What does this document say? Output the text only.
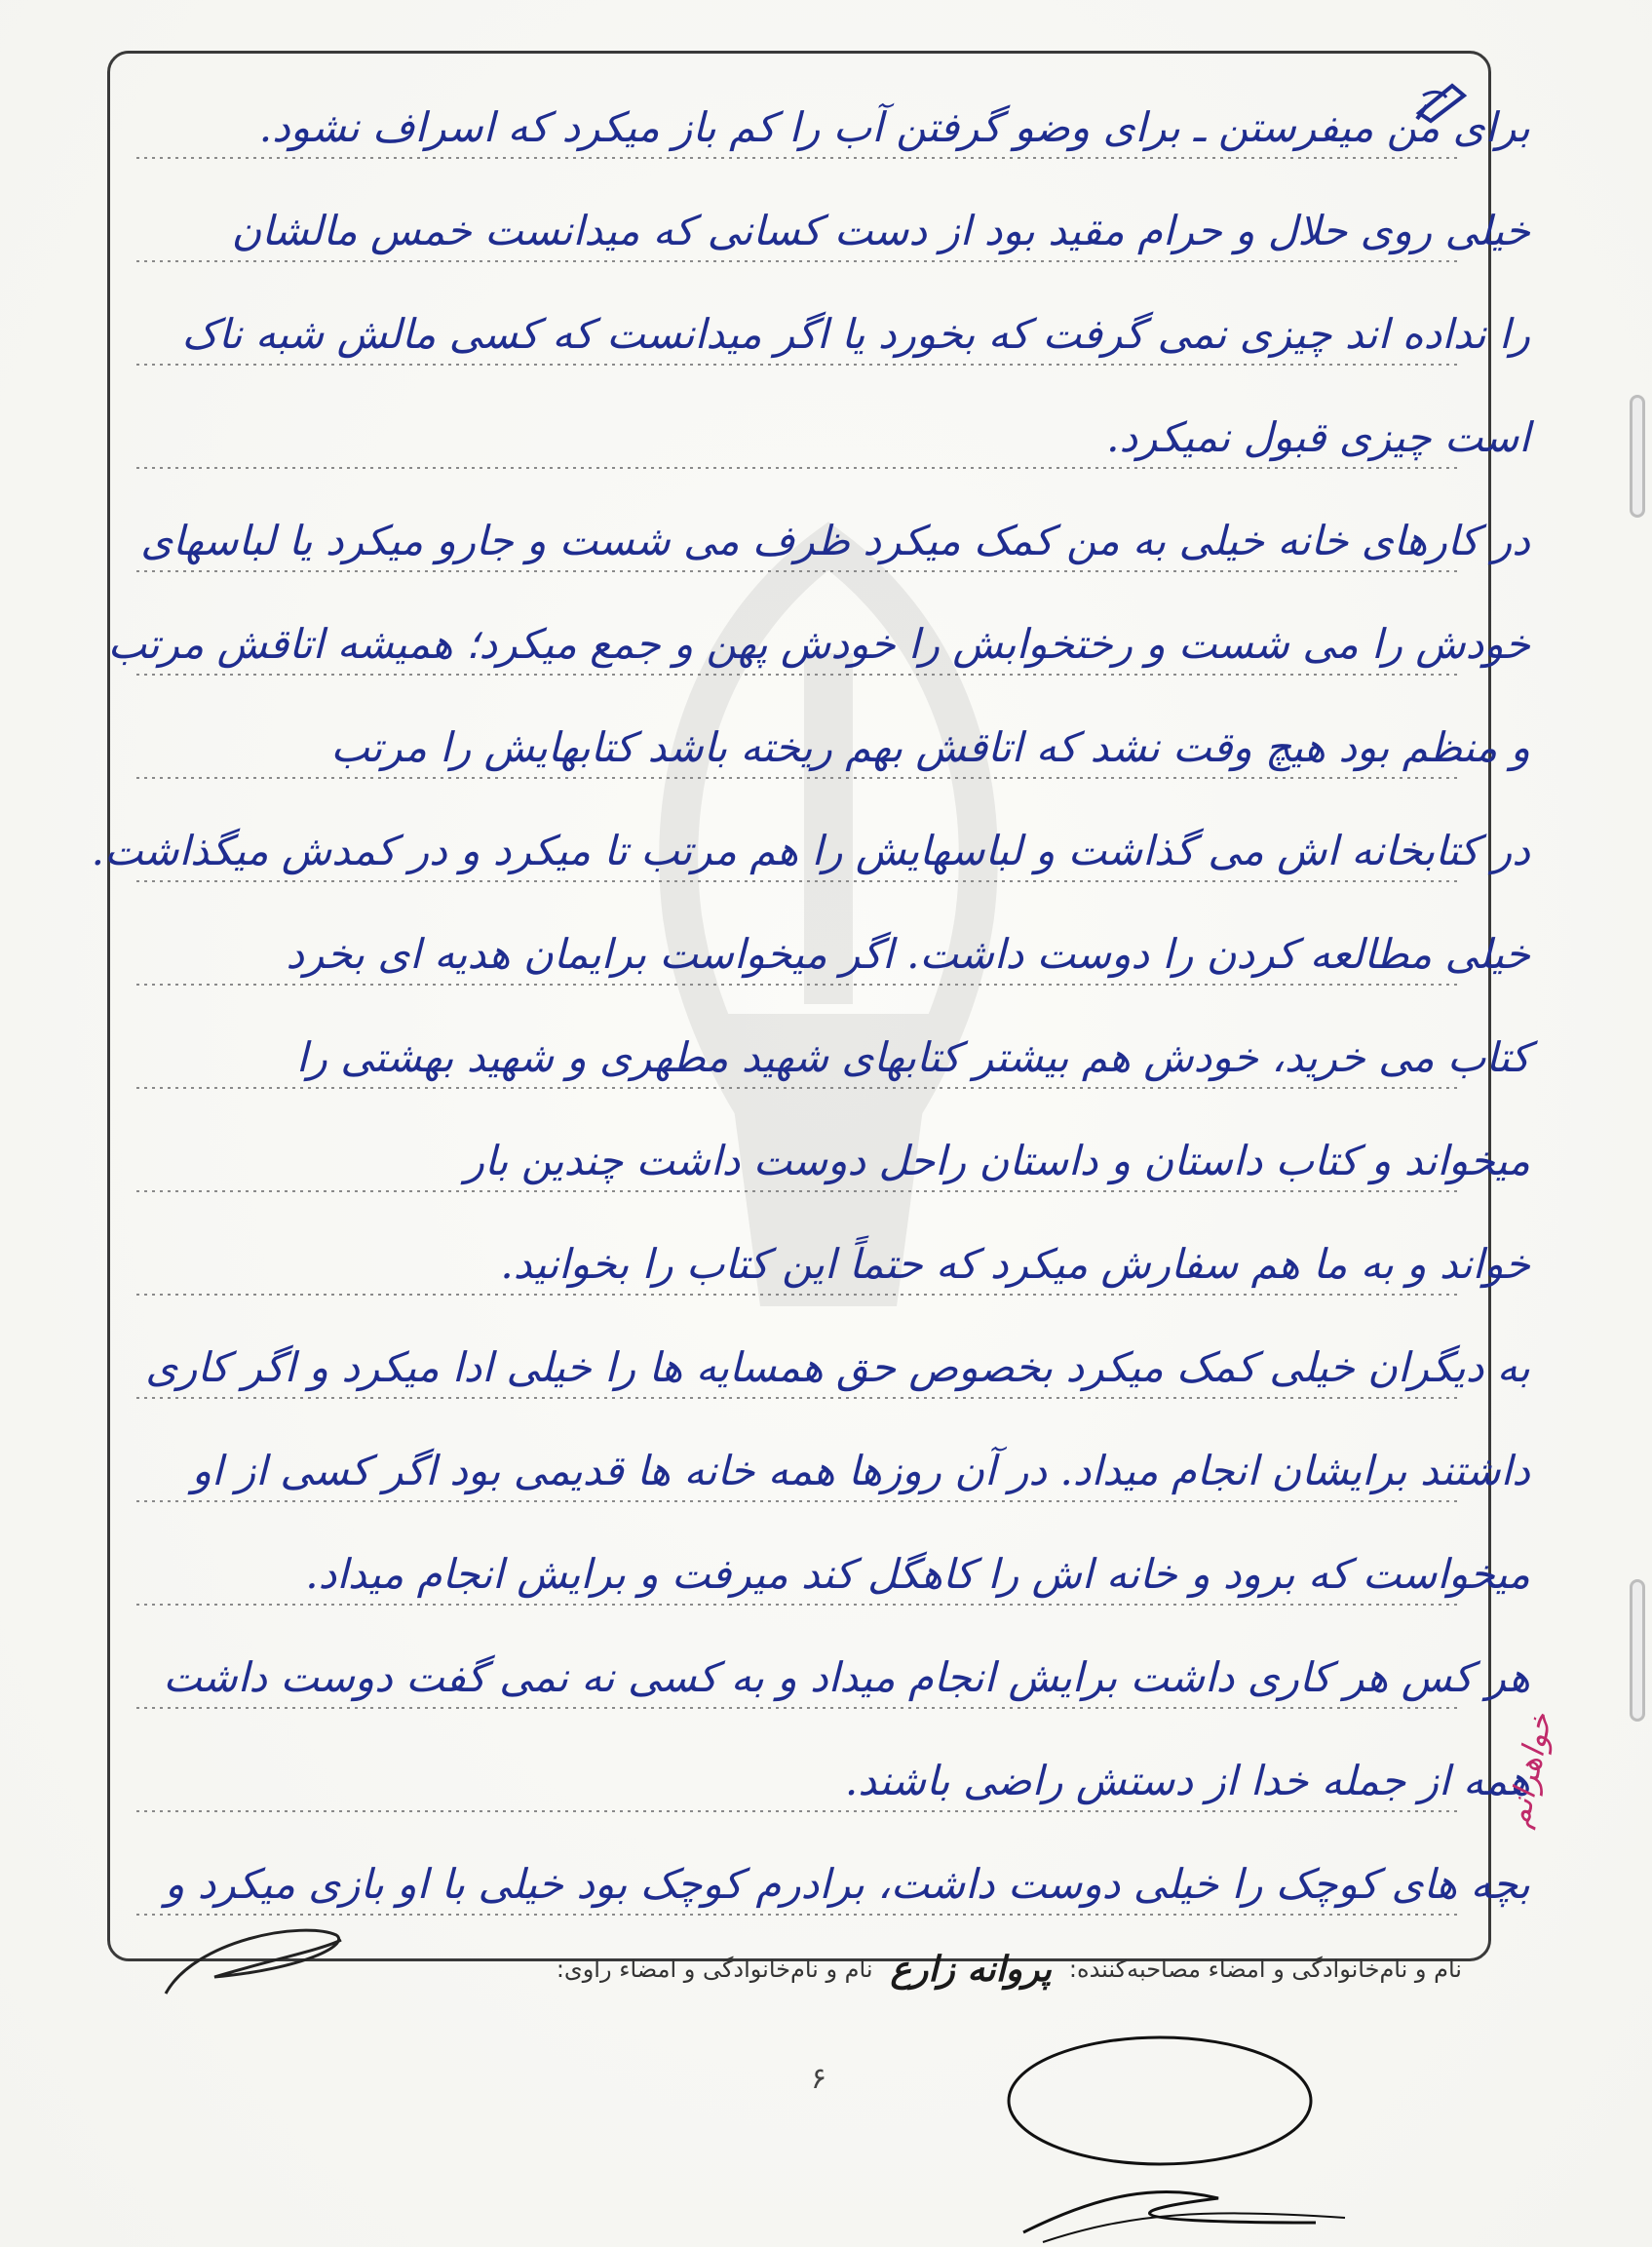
برای من میفرستن ـ برای وضو گرفتن آب را کم باز میکرد که اسراف نشود.
خیلی روی حلال و حرام مقید بود از دست کسانی که میدانست خمس مالشان
را نداده اند چیزی نمی گرفت که بخورد یا اگر میدانست که کسی مالش شبه ناک
است چیزی قبول نمیکرد.
در کارهای خانه خیلی به من کمک میکرد ظرف می شست و جارو میکرد یا لباسهای
خودش را می شست و رختخوابش را خودش پهن و جمع میکرد؛ همیشه اتاقش مرتب
و منظم بود هیچ وقت نشد که اتاقش بهم ریخته باشد کتابهایش را مرتب
در کتابخانه اش می گذاشت و لباسهایش را هم مرتب تا میکرد و در کمدش میگذاشت.
خیلی مطالعه کردن را دوست داشت. اگر میخواست برایمان هدیه ای بخرد
کتاب می خرید، خودش هم بیشتر کتابهای شهید مطهری و شهید بهشتی را
میخواند و کتاب داستان و داستان راحل دوست داشت چندین بار
خواند و به ما هم سفارش میکرد که حتماً این کتاب را بخوانید.
به دیگران خیلی کمک میکرد بخصوص حق همسایه ها را خیلی ادا میکرد و اگر کاری
داشتند برایشان انجام میداد. در آن روزها همه خانه ها قدیمی بود اگر کسی از او
میخواست که برود و خانه اش را کاهگل کند میرفت و برایش انجام میداد.
هر کس هر کاری داشت برایش انجام میداد و به کسی نه نمی گفت دوست داشت
همه از جمله خدا از دستش راضی باشند.
بچه های کوچک را خیلی دوست داشت، برادرم کوچک بود خیلی با او بازی میکرد و
خواهرانم
نام و نام‌خانوادگی و امضاء مصاحبه‌کننده:
پروانه زارع
نام و نام‌خانوادگی و امضاء راوی:
۶
